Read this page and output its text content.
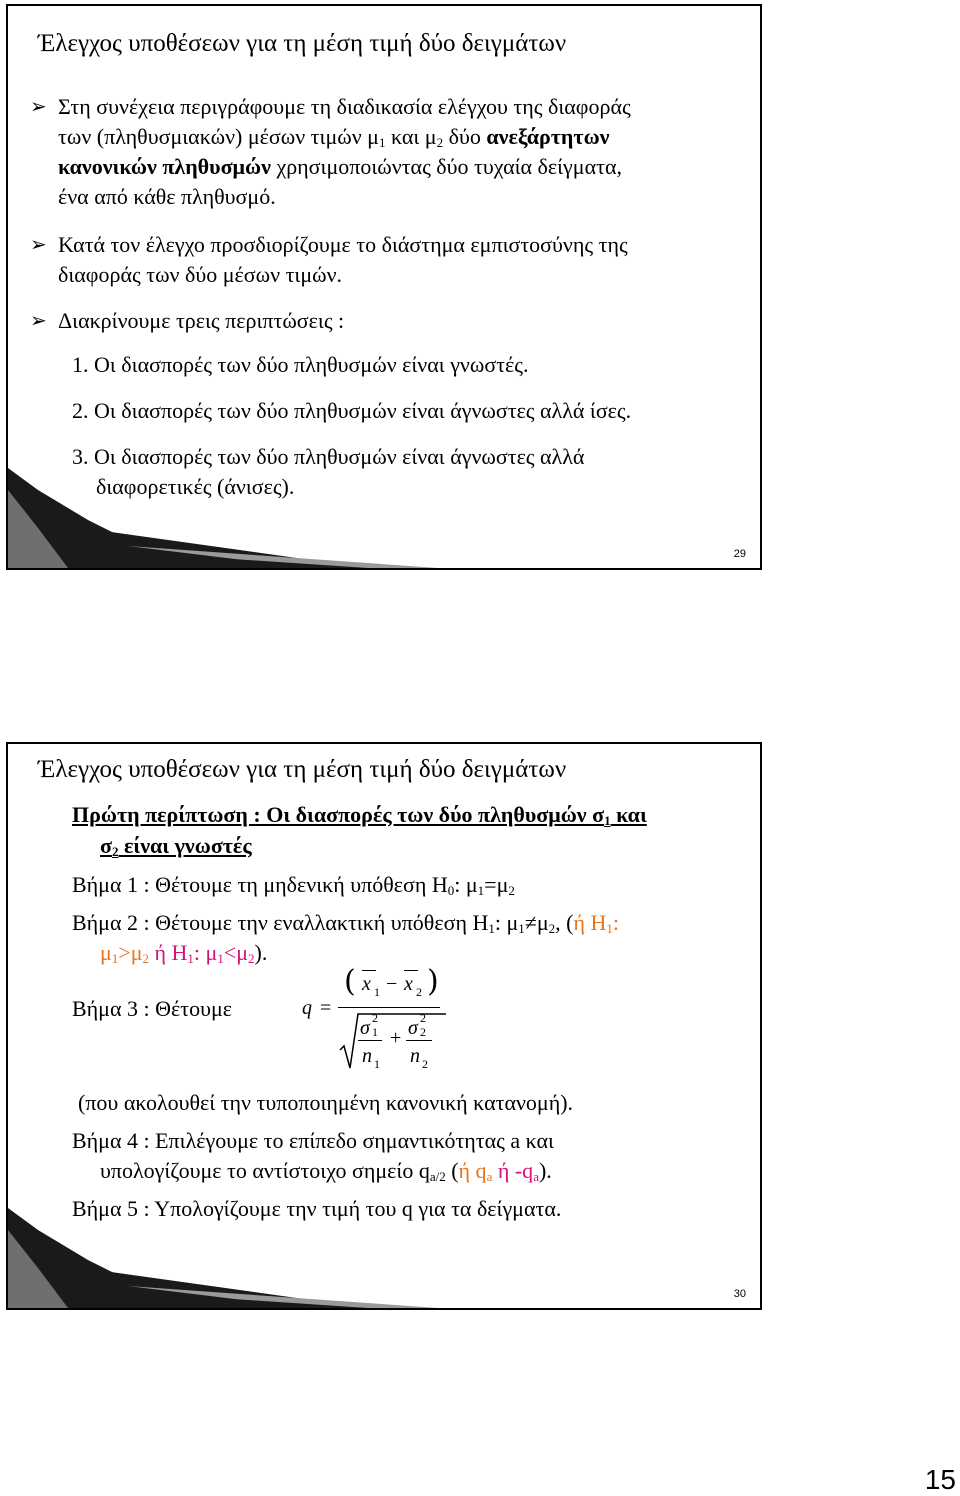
Έλεγχος υποθέσεων για τη μέση τιμή δύο δειγμάτων
➢ Στη συνέχεια περιγράφουμε τη διαδικασία ελέγχου της διαφοράς
των (πληθυσμιακών) μέσων τιμών $\mu_1$ και $\mu_2$ δύο ανεξάρτητων
κανονικών πληθυσμών χρησιμοποιώντας δύο τυχαία δείγματα,
ένα από κάθε πληθυσμό.
➢ Κατά τον έλεγχο προσδιορίζουμε το διάστημα εμπιστοσύνης της
διαφοράς των δύο μέσων τιμών.
➢ Διακρίνουμε τρεις περιπτώσεις :
1. Οι διασπορές των δύο πληθυσμών είναι γνωστές.
2. Οι διασπορές των δύο πληθυσμών είναι άγνωστες αλλά ίσες.
3. Οι διασπορές των δύο πληθυσμών είναι άγνωστες αλλά
διαφορετικές (άνισες).
29
Έλεγχος υποθέσεων για τη μέση τιμή δύο δειγμάτων
Πρώτη περίπτωση : Οι διασπορές των δύο πληθυσμών $\sigma_1$ και
$\sigma_2$ είναι γνωστές
Βήμα 1 : Θέτουμε τη μηδενική υπόθεση $H_0$: $\mu_1=\mu_2$
Βήμα 2 : Θέτουμε την εναλλακτική υπόθεση $H_1$: $\mu_1\ne\mu_2$, (ή $H_1$:
$\mu_1>\mu_2$ ή $H_1$: $\mu_1<\mu_2$).
Βήμα 3 : Θέτουμε	q =
( )
x 1 − x 2
σ 2
1 + σ 2
2
n 1 n 2
(που ακολουθεί την τυποποιημένη κανονική κατανομή).
Βήμα 4 : Επιλέγουμε το επίπεδο σημαντικότητας a και
υπολογίζουμε το αντίστοιχο σημείο $q_{a/2}$ (ή $q_a$ ή $-q_a$).
Βήμα 5 : Υπολογίζουμε την τιμή του q για τα δείγματα.
30
15
